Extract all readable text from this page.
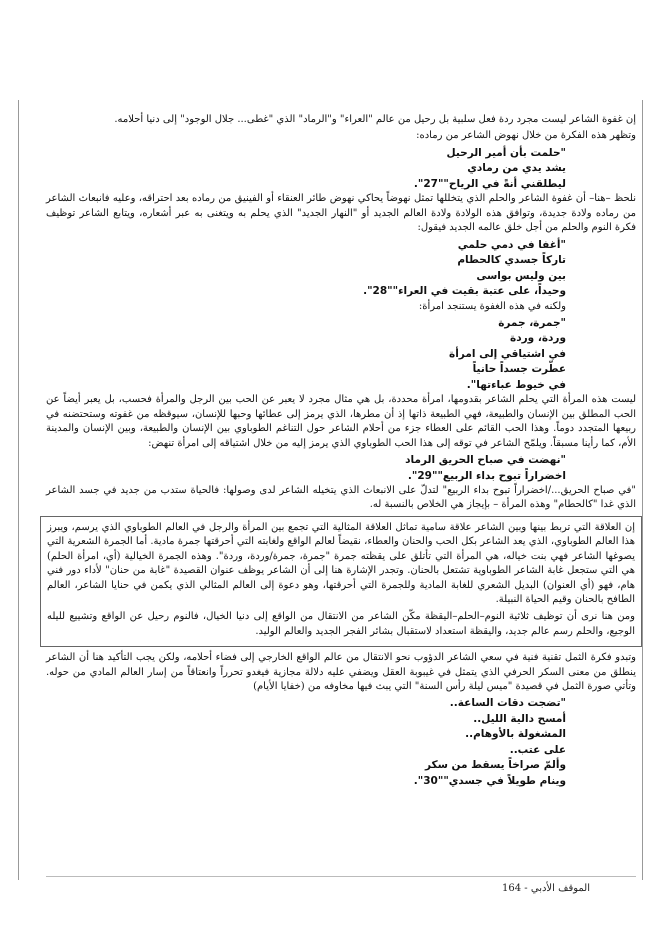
إن غفوة الشاعر ليست مجرد ردة فعل سلبية بل رحيل من عالم "العراء" و"الرماد" الذي "غطى... جلال الوجود" إلى دنيا أحلامه.

وتظهر هذه الفكرة من خلال نهوض الشاعر من رماده:

"حلمت بأن أمير الرحيل

يشد يدي من رمادي

ليطلقني أنةً في الرياح""27".

نلحظ –هنا– أن غفوة الشاعر والحلم الذي يتخللها تمثل نهوضاً يحاكي نهوض طائر العنقاء أو الفينيق من رماده بعد احتراقه، وعليه فانبعاث الشاعر من رماده ولادة جديدة، وتوافق هذه الولادة ولادة العالم الجديد أو "النهار الجديد" الذي يحلم به ويتغنى به عبر أشعاره، ويتابع الشاعر توظيف فكرة النوم والحلم من أجل خلق عالمه الجديد فيقول:

"أغفا في دمي حلمي

تاركاً جسدي كالحطام

بين وليس بواسى

وحيداً، على عتبة بقيت في العراء""28".

ولكنه في هذه الغفوة يستنجد امرأة:

"جمرة، جمرة

وردة، وردة

في اشتياقي إلى امرأة

عطّرت جسداً حانياً

في خيوط عباءتها".

ليست هذه المرأة التي يحلم الشاعر بقدومها، امرأة محددة، بل هي مثال مجرد لا يعبر عن الحب بين الرجل والمرأة فحسب، بل يعبر أيضاً عن الحب المطلق بين الإنسان والطبيعة، فهي الطبيعة ذاتها إذ أن مطرها، الذي يرمز إلى عطائها وحبها للإنسان، سيوقظه من غفوته وستحتضنه في ربيعها المتجدد دوماً. وهذا الحب القائم على العطاء جزء من أحلام الشاعر حول التناغم الطوباوي بين الإنسان والطبيعة، وبين الإنسان والمدينة الأم، كما رأينا مسبقاً. ويلمّح الشاعر في توقه إلى هذا الحب الطوباوي الذي يرمز إليه من خلال اشتياقه إلى امرأة تنهض:

"نهضت في صباح الحريق الرماد

اخضراراً تبوح بداء الربيع""29".

"في صباح الحريق.../اخضراراً تبوح بداء الربيع" لتدلّ على الانبعاث الذي يتخيله الشاعر لدى وصولها: فالحياة ستدب من جديد في جسد الشاعر الذي غدا "كالحطام" وهذه المرأة – بإيجاز هي الخلاص بالنسبة له.

إن العلاقة التي تربط بينها وبين الشاعر علاقة سامية تماثل العلاقة المثالية التي تجمع بين المرأة والرجل في العالم الطوباوي الذي يرسم، ويبرز هذا العالم الطوباوي، الذي يعد الشاعر بكل الحب والحنان والعطاء، نقيضاً لعالم الواقع ولغابته التي أحرقتها جمرة مادية. أما الجمرة الشعرية التي يصوغها الشاعر فهي بنت خياله، هي المرأة التي تأتلق على يقظته جمرة "جمرة، جمرة/وردة، وردة". وهذه الجمرة الخيالية (أي، امرأة الحلم) هي التي ستجعل غابة الشاعر الطوباوية تشتعل بالحنان. وتجدر الإشارة هنا إلى أن الشاعر يوظف عنوان القصيدة "غابة من حنان" لأداء دور فني هام، فهو (أي العنوان) البديل الشعري للغابة المادية وللجمرة التي أحرقتها، وهو دعوة إلى العالم المثالي الذي يكمن في حنايا الشاعر، العالم الطافح بالحنان وقيم الحياة النبيلة.

ومن هنا نرى أن توظيف ثلاثية النوم–الحلم–اليقظة مكّن الشاعر من الانتقال من الواقع إلى دنيا الخيال، فالنوم رحيل عن الواقع وتشييع لليله الوجيع، والحلم رسم عالم جديد، واليقظة استعداد لاستقبال بشائر الفجر الجديد والعالم الوليد.

وتبدو فكرة الثمل تقنية فنية في سعي الشاعر الدؤوب نحو الانتقال من عالم الواقع الخارجي إلى فضاء أحلامه، ولكن يجب التأكيد هنا أن الشاعر ينطلق من معنى السكر الحرفي الذي يتمثل في غيبوبة العقل ويضفي عليه دلالة مجازية فيغدو تحرراً وانعتاقاً من إسار العالم المادي من حوله. وتأتي صورة الثمل في قصيدة "ميس ليلة رأس السنة" التي يبث فيها مخاوفه من (خفايا الأيام)

"تضجت دقات الساعة..

أمسح دالية الليل..

المشغولة بالأوهام..

على عتب..

وألمّ صراخاً يسقط من سكر

وينام طويلاً في جسدي""30".

الموقف الأدبي - 164
